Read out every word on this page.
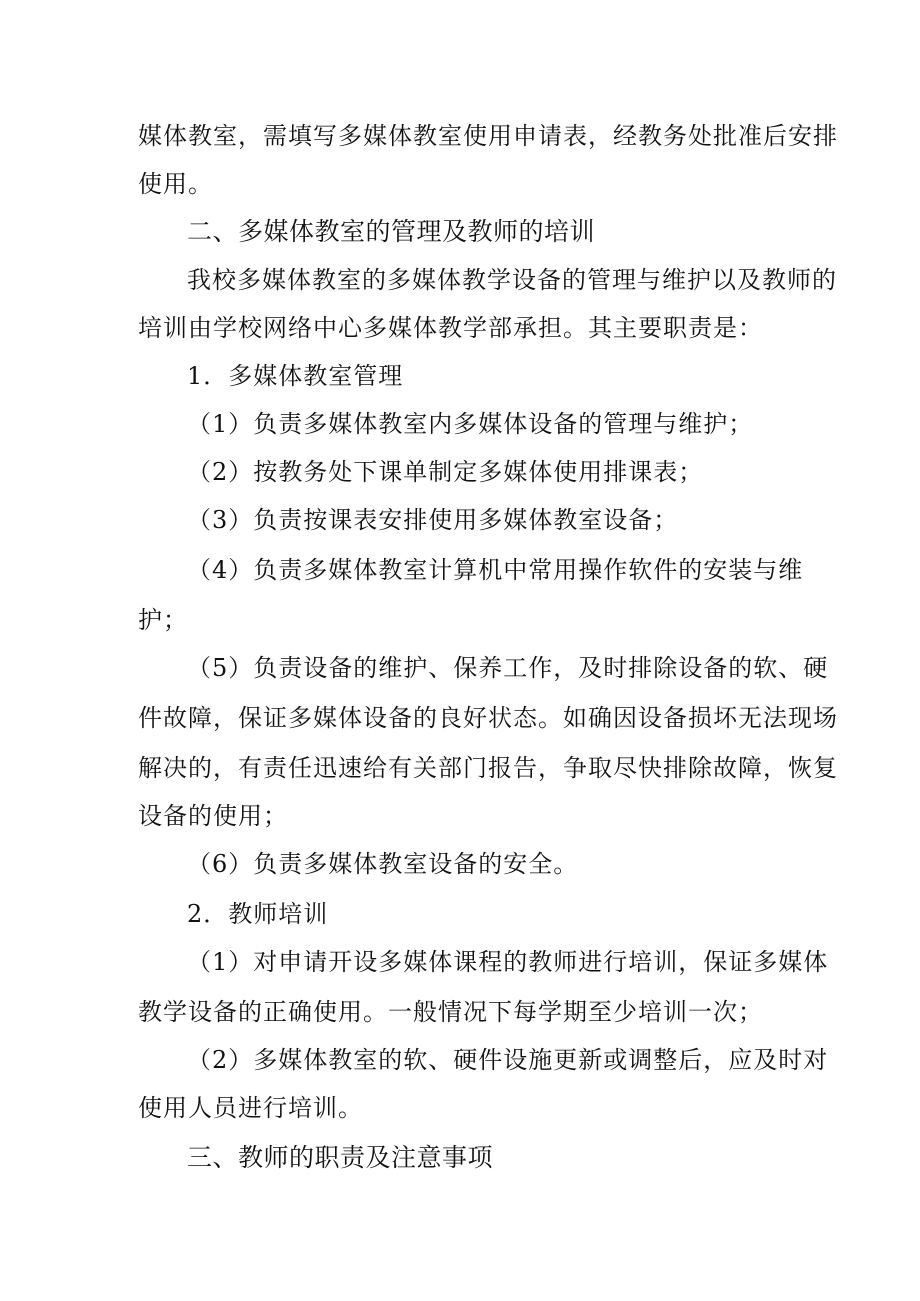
媒体教室，需填写多媒体教室使用申请表，经教务处批准后安排
使用。
二、多媒体教室的管理及教师的培训
我校多媒体教室的多媒体教学设备的管理与维护以及教师的
培训由学校网络中心多媒体教学部承担。其主要职责是：
1．多媒体教室管理
（1）负责多媒体教室内多媒体设备的管理与维护；
（2）按教务处下课单制定多媒体使用排课表；
（3）负责按课表安排使用多媒体教室设备；
（4）负责多媒体教室计算机中常用操作软件的安装与维
护；
（5）负责设备的维护、保养工作，及时排除设备的软、硬
件故障，保证多媒体设备的良好状态。如确因设备损坏无法现场
解决的，有责任迅速给有关部门报告，争取尽快排除故障，恢复
设备的使用；
（6）负责多媒体教室设备的安全。
2．教师培训
（1）对申请开设多媒体课程的教师进行培训，保证多媒体
教学设备的正确使用。一般情况下每学期至少培训一次；
（2）多媒体教室的软、硬件设施更新或调整后，应及时对
使用人员进行培训。
三、教师的职责及注意事项
